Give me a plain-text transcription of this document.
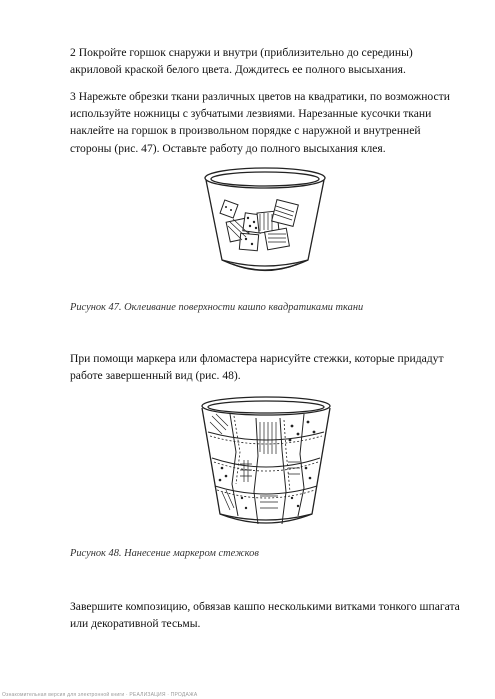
2 Покройте горшок снаружи и внутри (приблизительно до середины) акриловой краской белого цвета. Дождитесь ее полного высыхания.

3 Нарежьте обрезки ткани различных цветов на квадратики, по возможности используйте ножницы с зубчатыми лезвиями. Нарезанные кусочки ткани наклейте на горшок в произвольном порядке с наружной и внутренней стороны (рис. 47). Оставьте работу до полного высыхания клея.

Рисунок 47. Оклеивание поверхности кашпо квадратиками ткани

При помощи маркера или фломастера нарисуйте стежки, которые придадут работе завершенный вид (рис. 48).

Рисунок 48. Нанесение маркером стежков

Завершите композицию, обвязав кашпо несколькими витками тонкого шпагата или декоративной тесьмы.

Ознакомительная версия для электронной книги · РЕАЛИЗАЦИЯ · ПРОДАЖА
